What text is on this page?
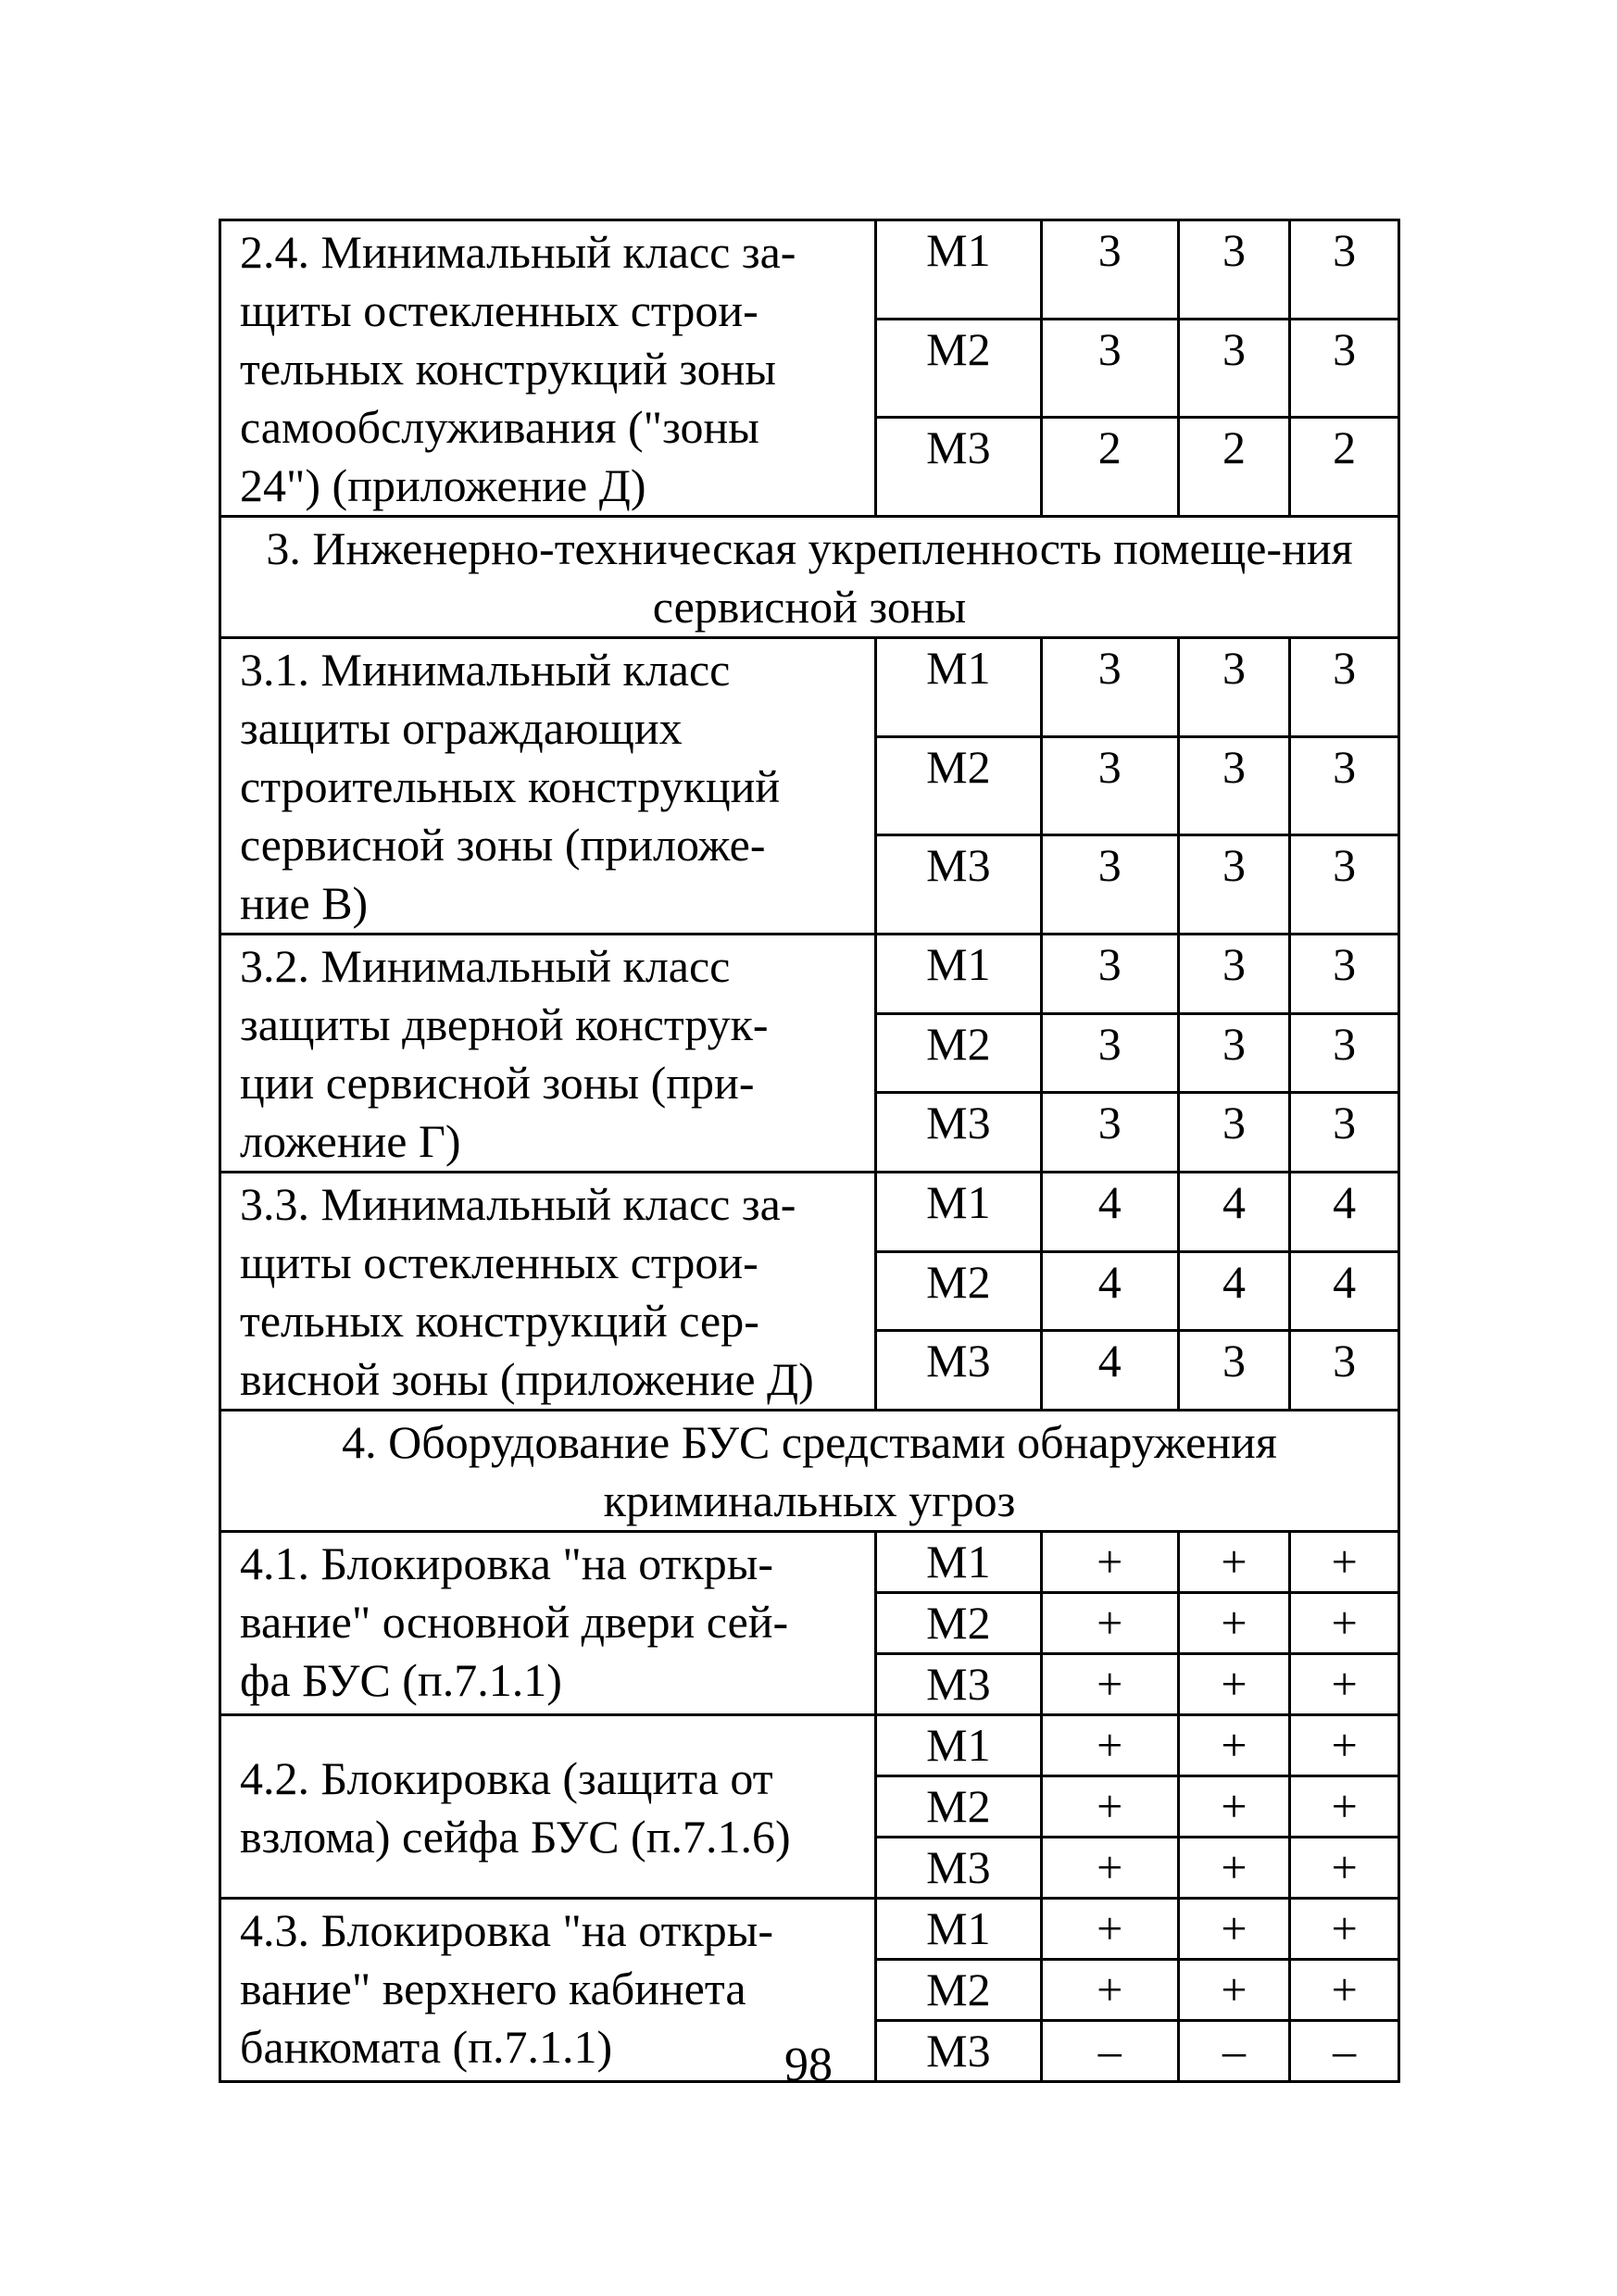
2.4. Минимальный класс за-
щиты остекленных строи-
тельных конструкций зоны
самообслуживания ("зоны
24") (приложение Д)	М1	3	3	3
	М2	3	3	3
	М3	2	2	2
3. Инженерно-техническая укрепленность помеще-ния сервисной зоны				

3.1. Минимальный класс
защиты ограждающих
строительных конструкций
сервисной зоны (приложе-
ние В)	М1	3	3	3
	М2	3	3	3
	М3	3	3	3

3.2. Минимальный класс
защиты дверной конструк-
ции сервисной зоны (при-
ложение Г)	М1	3	3	3
	М2	3	3	3
	М3	3	3	3

3.3. Минимальный класс за-
щиты остекленных строи-
тельных конструкций сер-
висной зоны (приложение Д)	М1	4	4	4
	М2	4	4	4
	М3	4	3	3
4. Оборудование БУС средствами обнаружения криминальных угроз				

4.1. Блокировка "на откры-
вание" основной двери сей-
фа БУС (п.7.1.1)	М1	+	+	+
	М2	+	+	+
	М3	+	+	+

4.2. Блокировка (защита от
взлома) сейфа БУС (п.7.1.6)	М1	+	+	+
	М2	+	+	+
	М3	+	+	+

4.3. Блокировка "на откры-
вание" верхнего кабинета
банкомата (п.7.1.1)	М1	+	+	+
	М2	+	+	+
	М3	–	–	–
98
